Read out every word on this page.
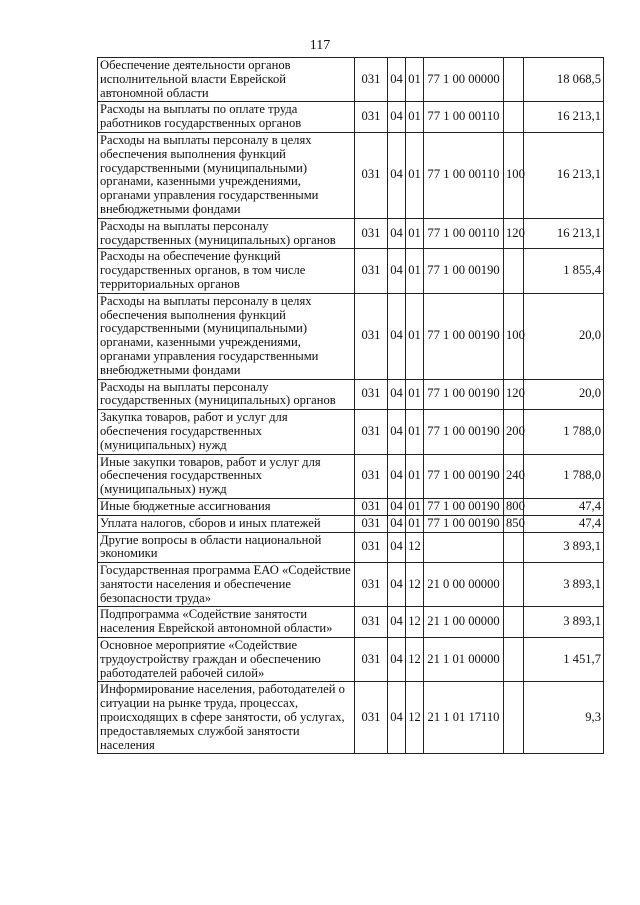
117
Обеспечение деятельности органов исполнительной власти Еврейской автономной области	031	04	01	77 1 00 00000		18 068,5
Расходы на выплаты по оплате труда работников государственных органов	031	04	01	77 1 00 00110		16 213,1
Расходы на выплаты персоналу в целях обеспечения выполнения функций государственными (муниципальными) органами, казенными учреждениями, органами управления государственными внебюджетными фондами	031	04	01	77 1 00 00110	100	16 213,1
Расходы на выплаты персоналу государственных (муниципальных) органов	031	04	01	77 1 00 00110	120	16 213,1
Расходы на обеспечение функций государственных органов, в том числе территориальных органов	031	04	01	77 1 00 00190		1 855,4
Расходы на выплаты персоналу в целях обеспечения выполнения функций государственными (муниципальными) органами, казенными учреждениями, органами управления государственными внебюджетными фондами	031	04	01	77 1 00 00190	100	20,0
Расходы на выплаты персоналу государственных (муниципальных) органов	031	04	01	77 1 00 00190	120	20,0
Закупка товаров, работ и услуг для обеспечения государственных (муниципальных) нужд	031	04	01	77 1 00 00190	200	1 788,0
Иные закупки товаров, работ и услуг для обеспечения государственных (муниципальных) нужд	031	04	01	77 1 00 00190	240	1 788,0
Иные бюджетные ассигнования	031	04	01	77 1 00 00190	800	47,4
Уплата налогов, сборов и иных платежей	031	04	01	77 1 00 00190	850	47,4
Другие вопросы в области национальной экономики	031	04	12			3 893,1
Государственная программа ЕАО «Содействие занятости населения и обеспечение безопасности труда»	031	04	12	21 0 00 00000		3 893,1
Подпрограмма «Содействие занятости населения Еврейской автономной области»	031	04	12	21 1 00 00000		3 893,1
Основное мероприятие «Содействие трудоустройству граждан и обеспечению работодателей рабочей силой»	031	04	12	21 1 01 00000		1 451,7
Информирование населения, работодателей о ситуации на рынке труда, процессах, происходящих в сфере занятости, об услугах, предоставляемых службой занятости населения	031	04	12	21 1 01 17110		9,3
